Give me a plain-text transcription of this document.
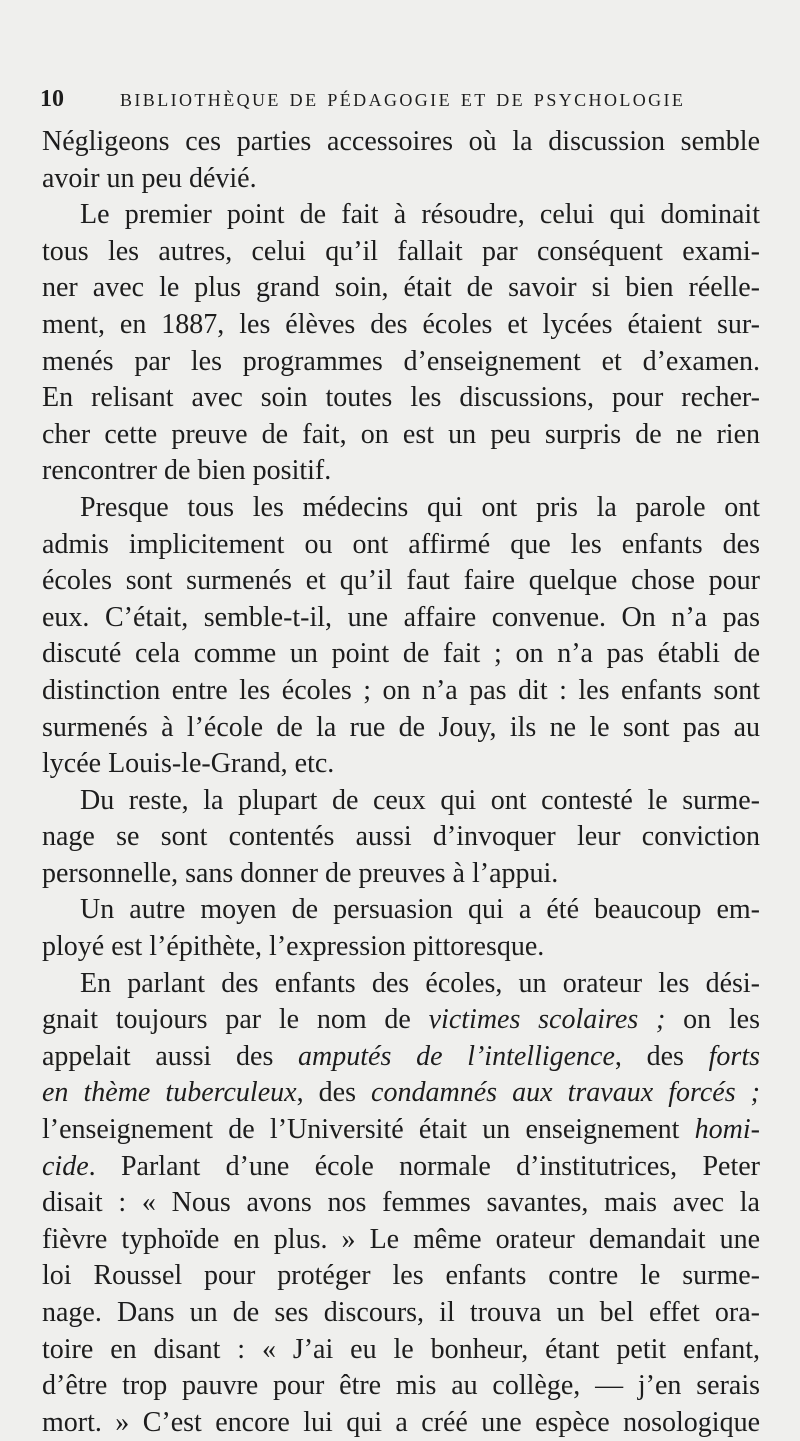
10	BIBLIOTHÈQUE DE PÉDAGOGIE ET DE PSYCHOLOGIE

Négligeons ces parties accessoires où la discussion semble
avoir un peu dévié.

Le premier point de fait à résoudre, celui qui dominait
tous les autres, celui qu’il fallait par conséquent exami-
ner avec le plus grand soin, était de savoir si bien réelle-
ment, en 1887, les élèves des écoles et lycées étaient sur-
menés par les programmes d’enseignement et d’examen.
En relisant avec soin toutes les discussions, pour recher-
cher cette preuve de fait, on est un peu surpris de ne rien
rencontrer de bien positif.

Presque tous les médecins qui ont pris la parole ont
admis implicitement ou ont affirmé que les enfants des
écoles sont surmenés et qu’il faut faire quelque chose pour
eux. C’était, semble-t-il, une affaire convenue. On n’a pas
discuté cela comme un point de fait ; on n’a pas établi de
distinction entre les écoles ; on n’a pas dit : les enfants sont
surmenés à l’école de la rue de Jouy, ils ne le sont pas au
lycée Louis-le-Grand, etc.

Du reste, la plupart de ceux qui ont contesté le surme-
nage se sont contentés aussi d’invoquer leur conviction
personnelle, sans donner de preuves à l’appui.

Un autre moyen de persuasion qui a été beaucoup em-
ployé est l’épithète, l’expression pittoresque.

En parlant des enfants des écoles, un orateur les dési-
gnait toujours par le nom de victimes scolaires ; on les
appelait aussi des amputés de l’intelligence, des forts
en thème tuberculeux, des condamnés aux travaux forcés ;
l’enseignement de l’Université était un enseignement homi-
cide. Parlant d’une école normale d’institutrices, Peter
disait : « Nous avons nos femmes savantes, mais avec la
fièvre typhoïde en plus. » Le même orateur demandait une
loi Roussel pour protéger les enfants contre le surme-
nage. Dans un de ses discours, il trouva un bel effet ora-
toire en disant : « J’ai eu le bonheur, étant petit enfant,
d’être trop pauvre pour être mis au collège, — j’en serais
mort. » C’est encore lui qui a créé une espèce nosologique
